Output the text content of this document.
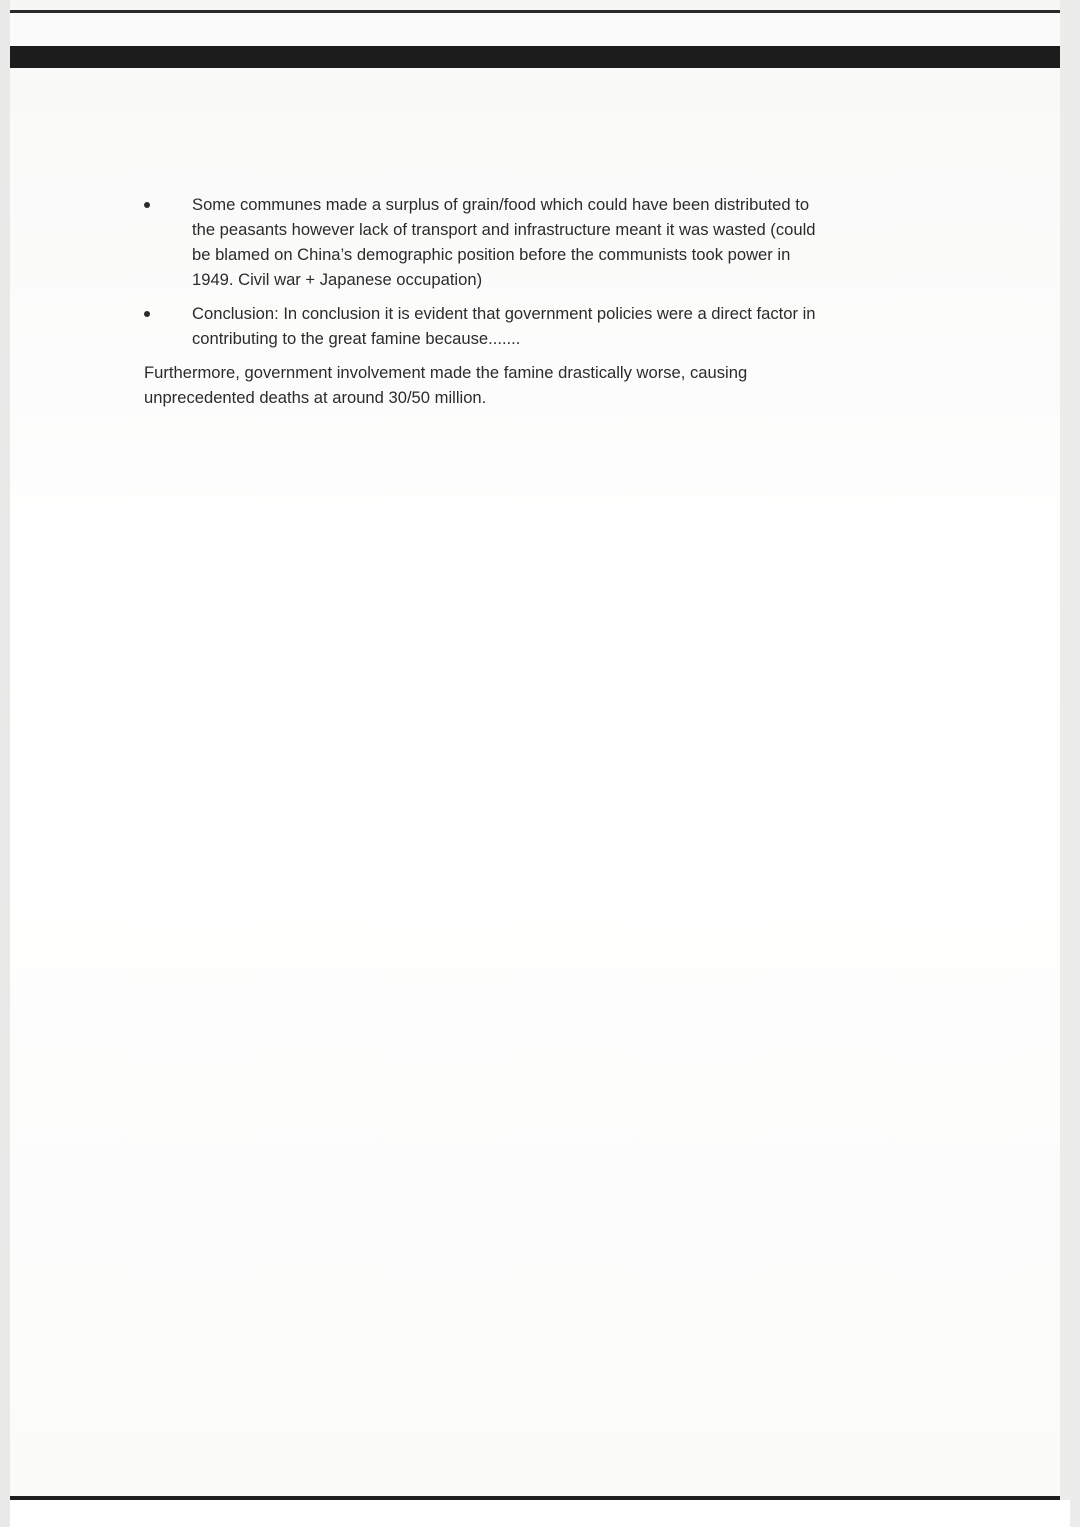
Some communes made a surplus of grain/food which could have been distributed to
the peasants however lack of transport and infrastructure meant it was wasted (could
be blamed on China’s demographic position before the communists took power in
1949. Civil war + Japanese occupation)
Conclusion: In conclusion it is evident that government policies were a direct factor in
contributing to the great famine because.......
Furthermore, government involvement made the famine drastically worse, causing
unprecedented deaths at around 30/50 million.
